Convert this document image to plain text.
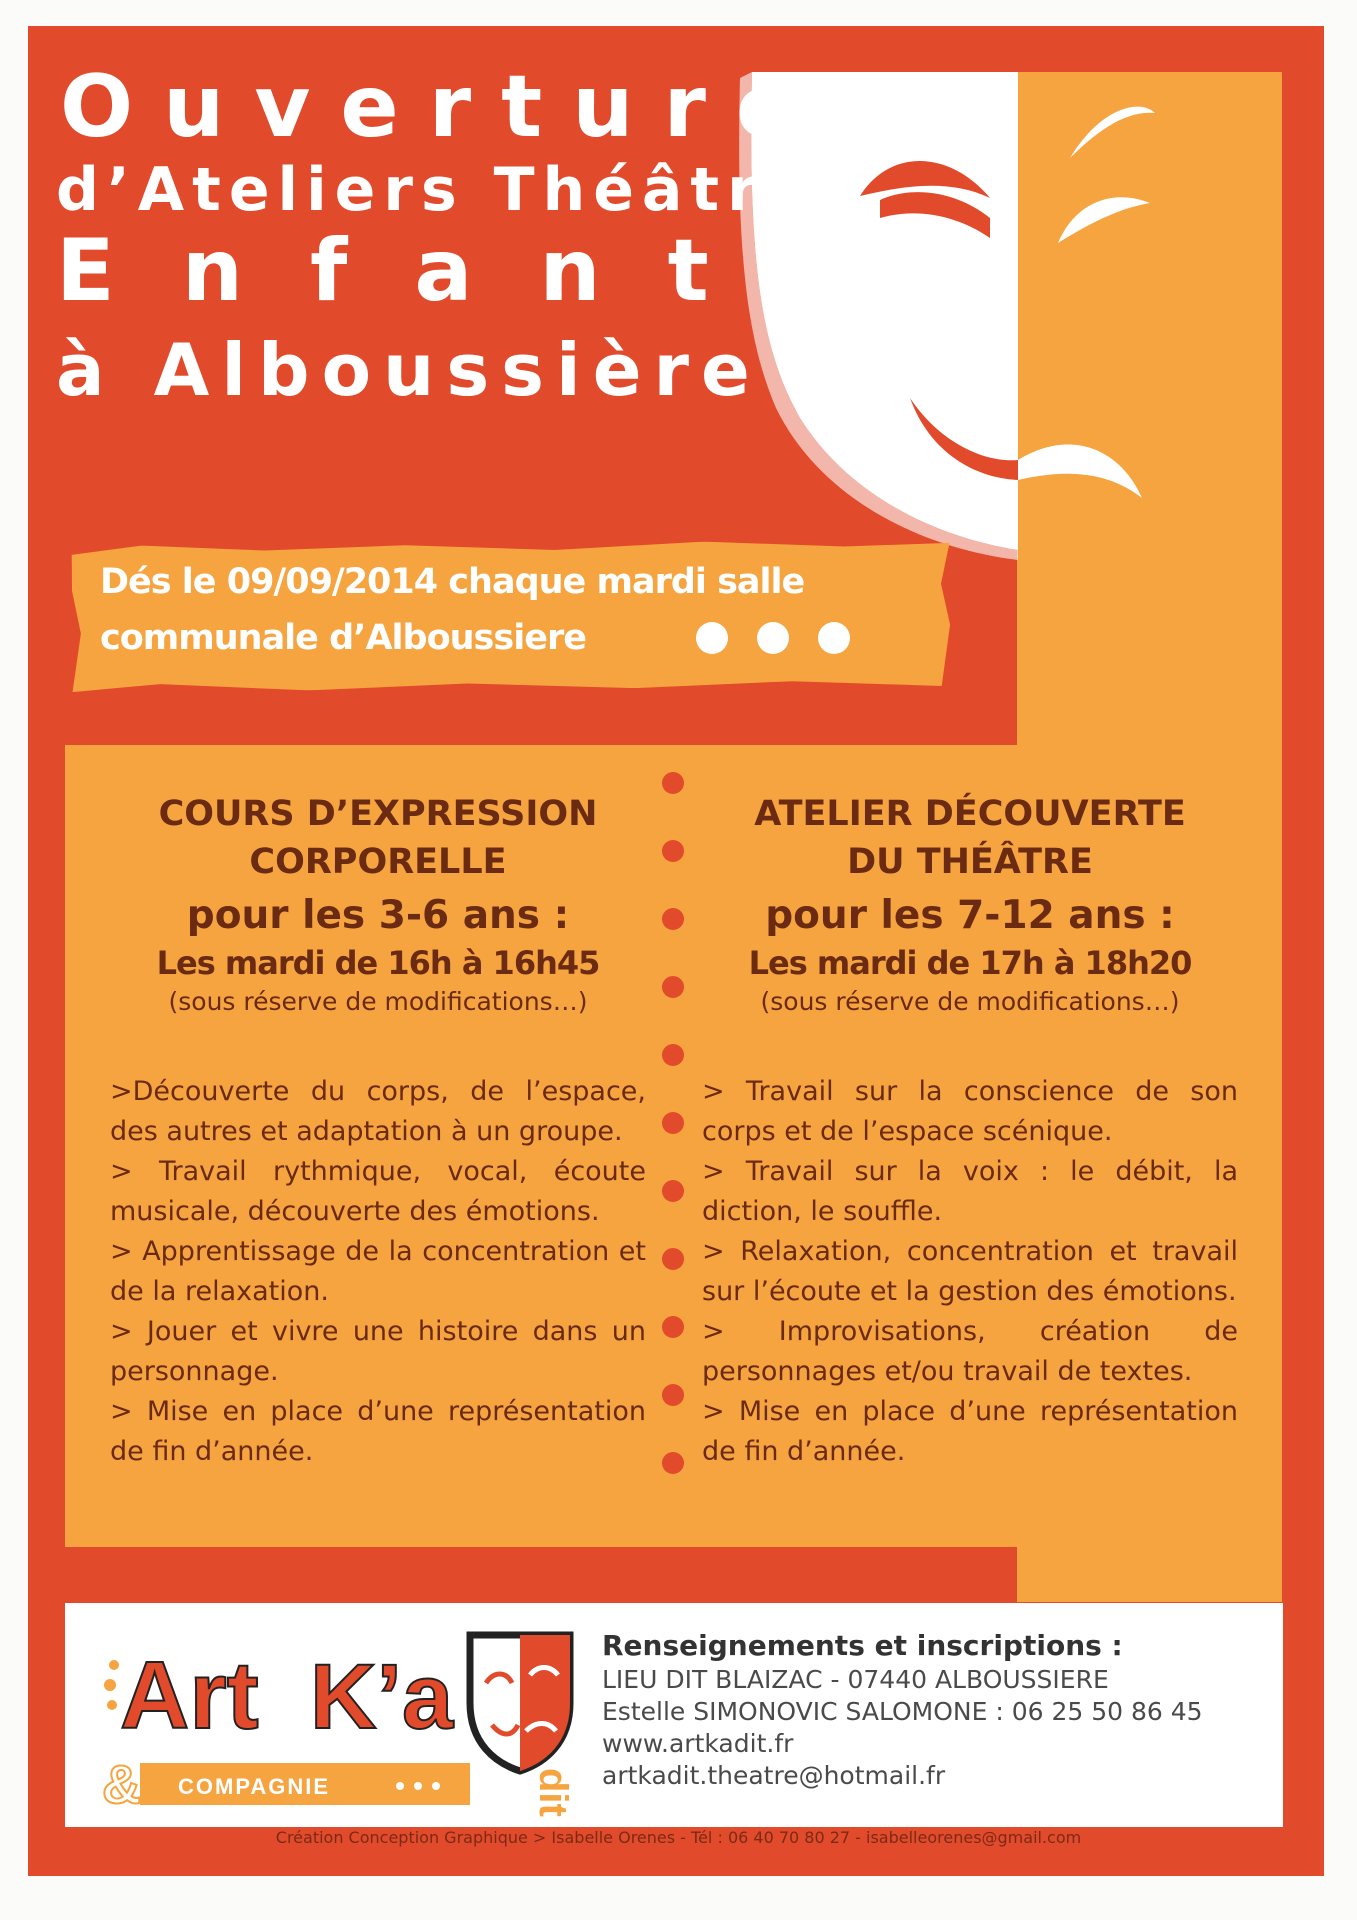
Ouverture
d’Ateliers Théâtre
Enfants
à Alboussière
Dés le 09/09/2014 chaque mardi salle
communale d’Alboussiere
COURS D’EXPRESSION
CORPORELLE
pour les 3-6 ans :
Les mardi de 16h à 16h45
(sous réserve de modifications…)
>Découverte du corps, de l’espace, des autres et adaptation à un groupe.
> Travail rythmique, vocal, écoute musicale, découverte des émotions.
> Apprentissage de la concentration et de la relaxation.
> Jouer et vivre une histoire dans un personnage.
> Mise en place d’une représentation de fin d’année.
ATELIER DÉCOUVERTE
DU THÉÂTRE
pour les 7-12 ans :
Les mardi de 17h à 18h20
(sous réserve de modifications…)
> Travail sur la conscience de son corps et de l’espace scénique.
> Travail sur la voix : le débit, la diction, le souffle.
> Relaxation, concentration et travail sur l’écoute et la gestion des émotions.
> Improvisations, création de personnages et/ou travail de textes.
> Mise en place d’une représentation de fin d’année.
Art K’a
& COMPAGNIE	dit
Renseignements et inscriptions :
LIEU DIT BLAIZAC - 07440 ALBOUSSIERE
Estelle SIMONOVIC SALOMONE : 06 25 50 86 45
www.artkadit.fr
artkadit.theatre@hotmail.fr
Création Conception Graphique > Isabelle Orenes - Tél : 06 40 70 80 27 - isabelleorenes@gmail.com
